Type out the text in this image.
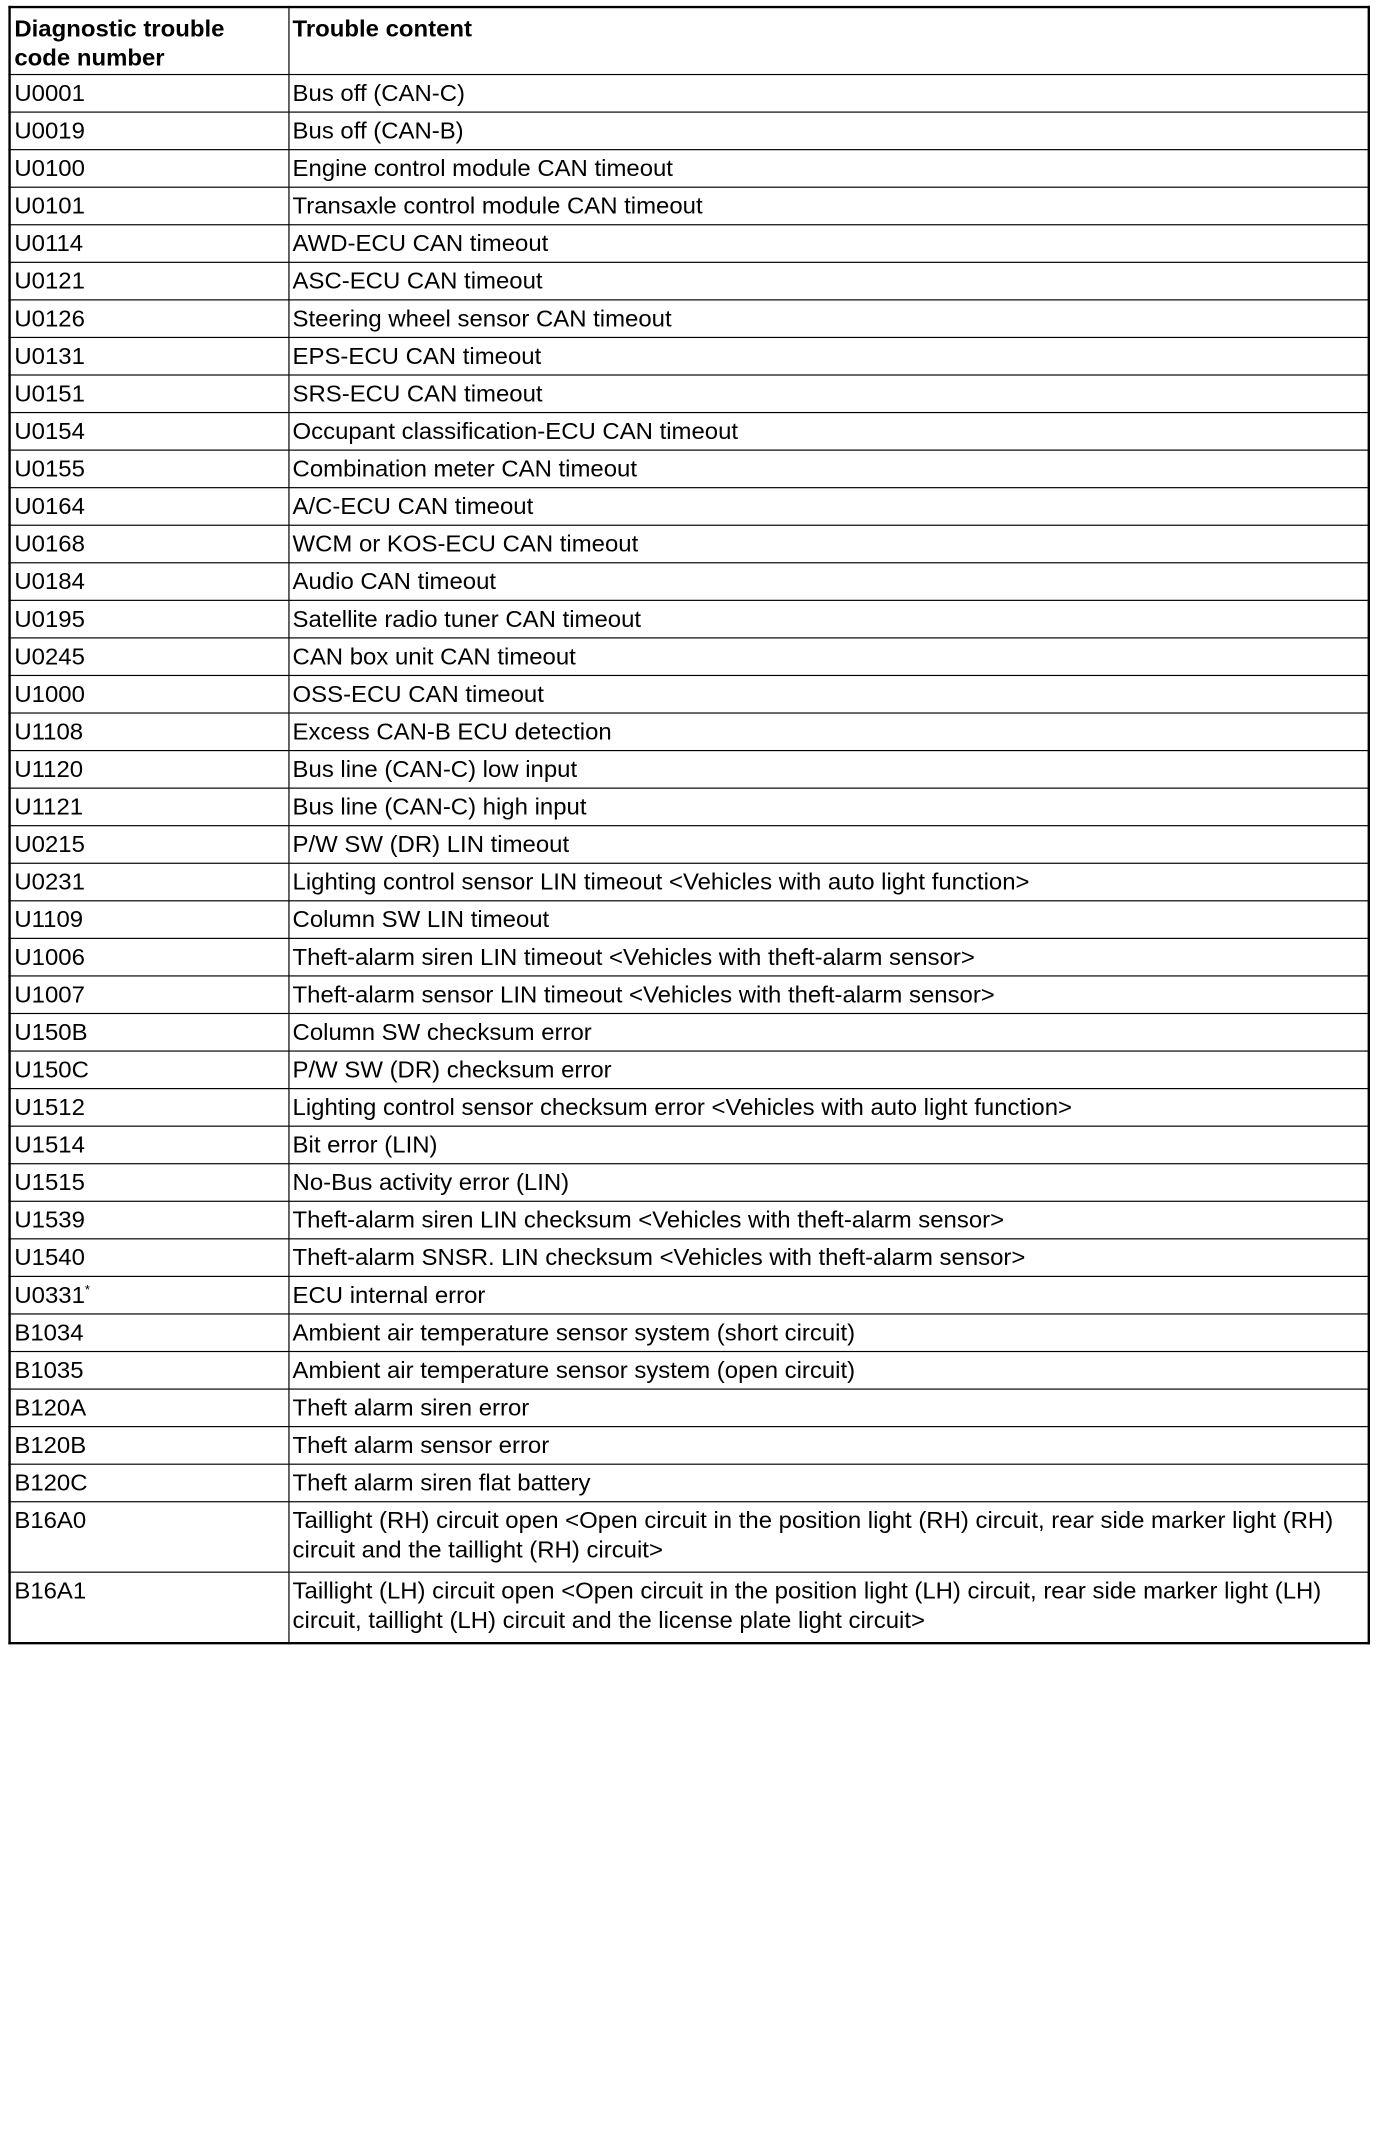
Diagnostic trouble code number	Trouble content
U0001	Bus off (CAN-C)
U0019	Bus off (CAN-B)
U0100	Engine control module CAN timeout
U0101	Transaxle control module CAN timeout
U0114	AWD-ECU CAN timeout
U0121	ASC-ECU CAN timeout
U0126	Steering wheel sensor CAN timeout
U0131	EPS-ECU CAN timeout
U0151	SRS-ECU CAN timeout
U0154	Occupant classification-ECU CAN timeout
U0155	Combination meter CAN timeout
U0164	A/C-ECU CAN timeout
U0168	WCM or KOS-ECU CAN timeout
U0184	Audio CAN timeout
U0195	Satellite radio tuner CAN timeout
U0245	CAN box unit CAN timeout
U1000	OSS-ECU CAN timeout
U1108	Excess CAN-B ECU detection
U1120	Bus line (CAN-C) low input
U1121	Bus line (CAN-C) high input
U0215	P/W SW (DR) LIN timeout
U0231	Lighting control sensor LIN timeout <Vehicles with auto light function>
U1109	Column SW LIN timeout
U1006	Theft-alarm siren LIN timeout <Vehicles with theft-alarm sensor>
U1007	Theft-alarm sensor LIN timeout <Vehicles with theft-alarm sensor>
U150B	Column SW checksum error
U150C	P/W SW (DR) checksum error
U1512	Lighting control sensor checksum error <Vehicles with auto light function>
U1514	Bit error (LIN)
U1515	No-Bus activity error (LIN)
U1539	Theft-alarm siren LIN checksum <Vehicles with theft-alarm sensor>
U1540	Theft-alarm SNSR. LIN checksum <Vehicles with theft-alarm sensor>
U0331*	ECU internal error
B1034	Ambient air temperature sensor system (short circuit)
B1035	Ambient air temperature sensor system (open circuit)
B120A	Theft alarm siren error
B120B	Theft alarm sensor error
B120C	Theft alarm siren flat battery
B16A0	Taillight (RH) circuit open <Open circuit in the position light (RH) circuit, rear side marker light (RH) circuit and the taillight (RH) circuit>
B16A1	Taillight (LH) circuit open <Open circuit in the position light (LH) circuit, rear side marker light (LH) circuit, taillight (LH) circuit and the license plate light circuit>
